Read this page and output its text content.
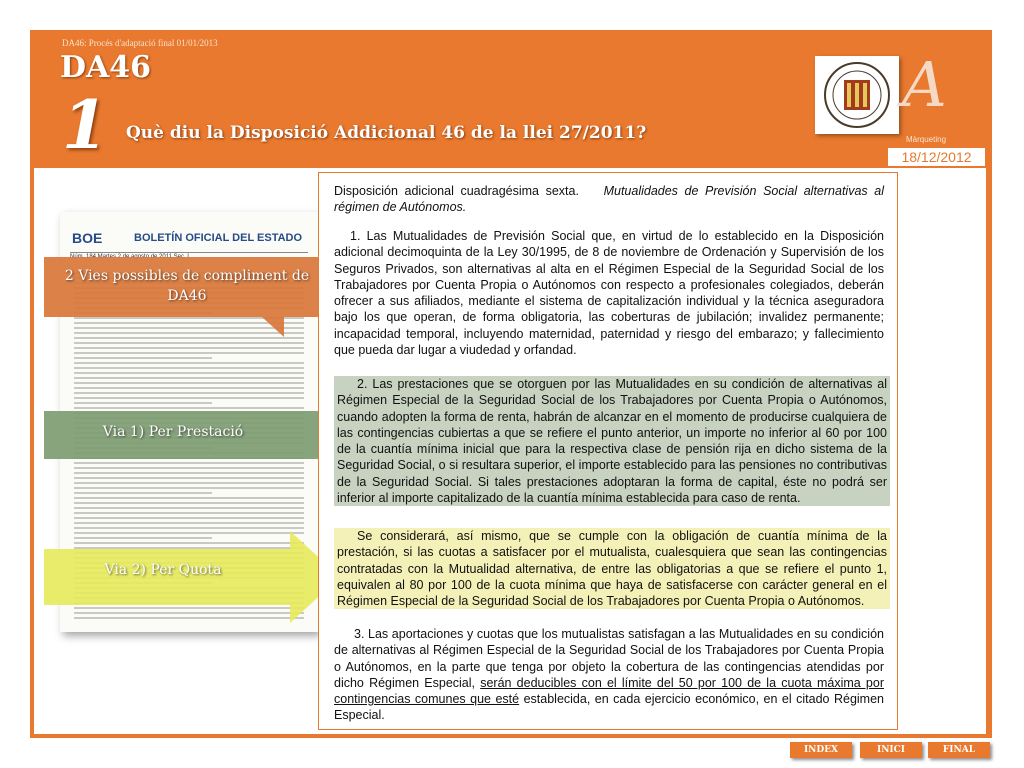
DA46: Procés d'adaptació final 01/01/2013
DA46
1 Què diu la Disposició Addicional 46 de la llei 27/2011?
A
Màrqueting
18/12/2012
BOE	BOLETÍN OFICIAL DEL ESTADO
2 Vies possibles de compliment de DA46
Via 1) Per Prestació
Via 2) Per Quota

Disposición adicional cuadragésima sexta. Mutualidades de Previsión Social alternativas al régimen de Autónomos.

1. Las Mutualidades de Previsión Social que, en virtud de lo establecido en la Disposición adicional decimoquinta de la Ley 30/1995, de 8 de noviembre de Ordenación y Supervisión de los Seguros Privados, son alternativas al alta en el Régimen Especial de la Seguridad Social de los Trabajadores por Cuenta Propia o Autónomos con respecto a profesionales colegiados, deberán ofrecer a sus afiliados, mediante el sistema de capitalización individual y la técnica aseguradora bajo los que operan, de forma obligatoria, las coberturas de jubilación; invalidez permanente; incapacidad temporal, incluyendo maternidad, paternidad y riesgo del embarazo; y fallecimiento que pueda dar lugar a viudedad y orfandad.

2. Las prestaciones que se otorguen por las Mutualidades en su condición de alternativas al Régimen Especial de la Seguridad Social de los Trabajadores por Cuenta Propia o Autónomos, cuando adopten la forma de renta, habrán de alcanzar en el momento de producirse cualquiera de las contingencias cubiertas a que se refiere el punto anterior, un importe no inferior al 60 por 100 de la cuantía mínima inicial que para la respectiva clase de pensión rija en dicho sistema de la Seguridad Social, o si resultara superior, el importe establecido para las pensiones no contributivas de la Seguridad Social. Si tales prestaciones adoptaran la forma de capital, éste no podrá ser inferior al importe capitalizado de la cuantía mínima establecida para caso de renta.

Se considerará, así mismo, que se cumple con la obligación de cuantía mínima de la prestación, si las cuotas a satisfacer por el mutualista, cualesquiera que sean las contingencias contratadas con la Mutualidad alternativa, de entre las obligatorias a que se refiere el punto 1, equivalen al 80 por 100 de la cuota mínima que haya de satisfacerse con carácter general en el Régimen Especial de la Seguridad Social de los Trabajadores por Cuenta Propia o Autónomos.

3. Las aportaciones y cuotas que los mutualistas satisfagan a las Mutualidades en su condición de alternativas al Régimen Especial de la Seguridad Social de los Trabajadores por Cuenta Propia o Autónomos, en la parte que tenga por objeto la cobertura de las contingencias atendidas por dicho Régimen Especial, serán deducibles con el límite del 50 por 100 de la cuota máxima por contingencias comunes que esté establecida, en cada ejercicio económico, en el citado Régimen Especial.

INDEX	INICI	FINAL
